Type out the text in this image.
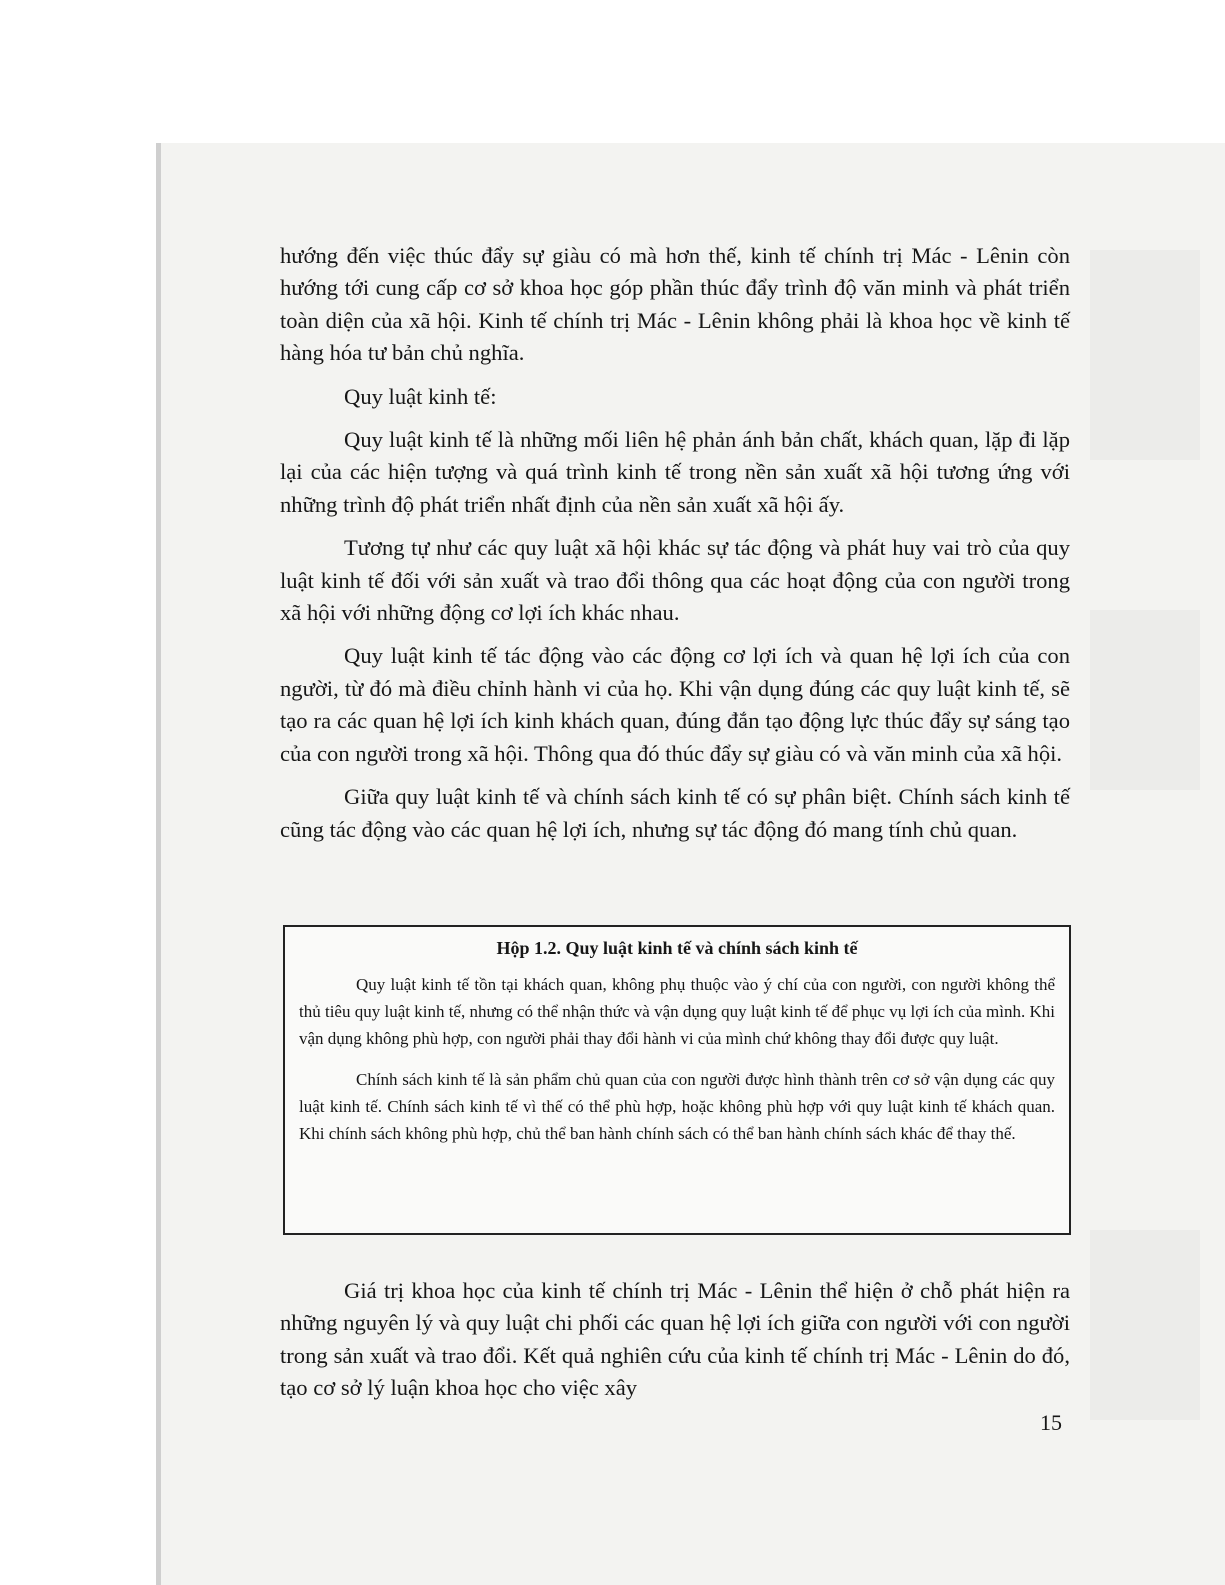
hướng đến việc thúc đẩy sự giàu có mà hơn thế, kinh tế chính trị Mác - Lênin còn hướng tới cung cấp cơ sở khoa học góp phần thúc đẩy trình độ văn minh và phát triển toàn diện của xã hội. Kinh tế chính trị Mác - Lênin không phải là khoa học về kinh tế hàng hóa tư bản chủ nghĩa.

Quy luật kinh tế:

Quy luật kinh tế là những mối liên hệ phản ánh bản chất, khách quan, lặp đi lặp lại của các hiện tượng và quá trình kinh tế trong nền sản xuất xã hội tương ứng với những trình độ phát triển nhất định của nền sản xuất xã hội ấy.

Tương tự như các quy luật xã hội khác sự tác động và phát huy vai trò của quy luật kinh tế đối với sản xuất và trao đổi thông qua các hoạt động của con người trong xã hội với những động cơ lợi ích khác nhau.

Quy luật kinh tế tác động vào các động cơ lợi ích và quan hệ lợi ích của con người, từ đó mà điều chỉnh hành vi của họ. Khi vận dụng đúng các quy luật kinh tế, sẽ tạo ra các quan hệ lợi ích kinh khách quan, đúng đắn tạo động lực thúc đẩy sự sáng tạo của con người trong xã hội. Thông qua đó thúc đẩy sự giàu có và văn minh của xã hội.

Giữa quy luật kinh tế và chính sách kinh tế có sự phân biệt. Chính sách kinh tế cũng tác động vào các quan hệ lợi ích, nhưng sự tác động đó mang tính chủ quan.

Hộp 1.2. Quy luật kinh tế và chính sách kinh tế

Quy luật kinh tế tồn tại khách quan, không phụ thuộc vào ý chí của con người, con người không thể thủ tiêu quy luật kinh tế, nhưng có thể nhận thức và vận dụng quy luật kinh tế để phục vụ lợi ích của mình. Khi vận dụng không phù hợp, con người phải thay đổi hành vi của mình chứ không thay đổi được quy luật.

Chính sách kinh tế là sản phẩm chủ quan của con người được hình thành trên cơ sở vận dụng các quy luật kinh tế. Chính sách kinh tế vì thế có thể phù hợp, hoặc không phù hợp với quy luật kinh tế khách quan. Khi chính sách không phù hợp, chủ thể ban hành chính sách có thể ban hành chính sách khác để thay thế.

Giá trị khoa học của kinh tế chính trị Mác - Lênin thể hiện ở chỗ phát hiện ra những nguyên lý và quy luật chi phối các quan hệ lợi ích giữa con người với con người trong sản xuất và trao đổi. Kết quả nghiên cứu của kinh tế chính trị Mác - Lênin do đó, tạo cơ sở lý luận khoa học cho việc xây

15
